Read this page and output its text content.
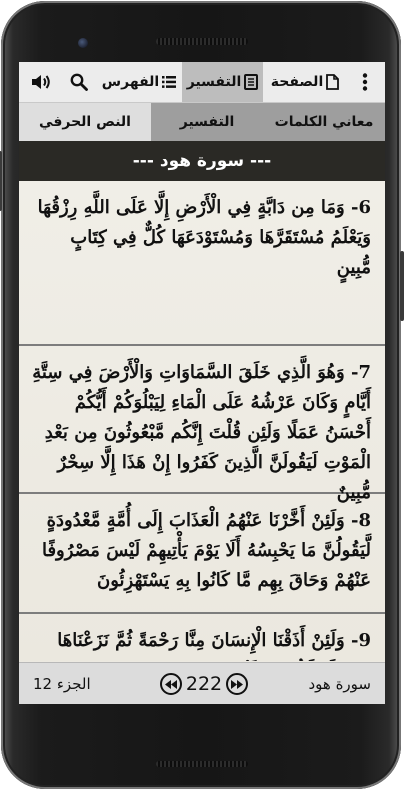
الفهرس التفسير الصفحة
النص الحرفي	التفسير	معاني الكلمات
--- سورة هود ---
6- وَمَا مِن دَابَّةٍ فِي الْأَرْضِ إِلَّا عَلَى اللَّهِ رِزْقُهَا وَيَعْلَمُ مُسْتَقَرَّهَا وَمُسْتَوْدَعَهَا كُلٌّ فِي كِتَابٍ مُّبِينٍ
7- وَهُوَ الَّذِي خَلَقَ السَّمَاوَاتِ وَالْأَرْضَ فِي سِتَّةِ أَيَّامٍ وَكَانَ عَرْشُهُ عَلَى الْمَاءِ لِيَبْلُوَكُمْ أَيُّكُمْ أَحْسَنُ عَمَلًا وَلَئِن قُلْتَ إِنَّكُم مَّبْعُوثُونَ مِن بَعْدِ الْمَوْتِ لَيَقُولَنَّ الَّذِينَ كَفَرُوا إِنْ هَذَا إِلَّا سِحْرٌ مُّبِينٌ
8- وَلَئِنْ أَخَّرْنَا عَنْهُمُ الْعَذَابَ إِلَى أُمَّةٍ مَّعْدُودَةٍ لَّيَقُولُنَّ مَا يَحْبِسُهُ أَلَا يَوْمَ يَأْتِيهِمْ لَيْسَ مَصْرُوفًا عَنْهُمْ وَحَاقَ بِهِم مَّا كَانُوا بِهِ يَسْتَهْزِئُونَ
9- وَلَئِنْ أَذَقْنَا الْإِنسَانَ مِنَّا رَحْمَةً ثُمَّ نَزَعْنَاهَا
الجزء 12	222	سورة هود
